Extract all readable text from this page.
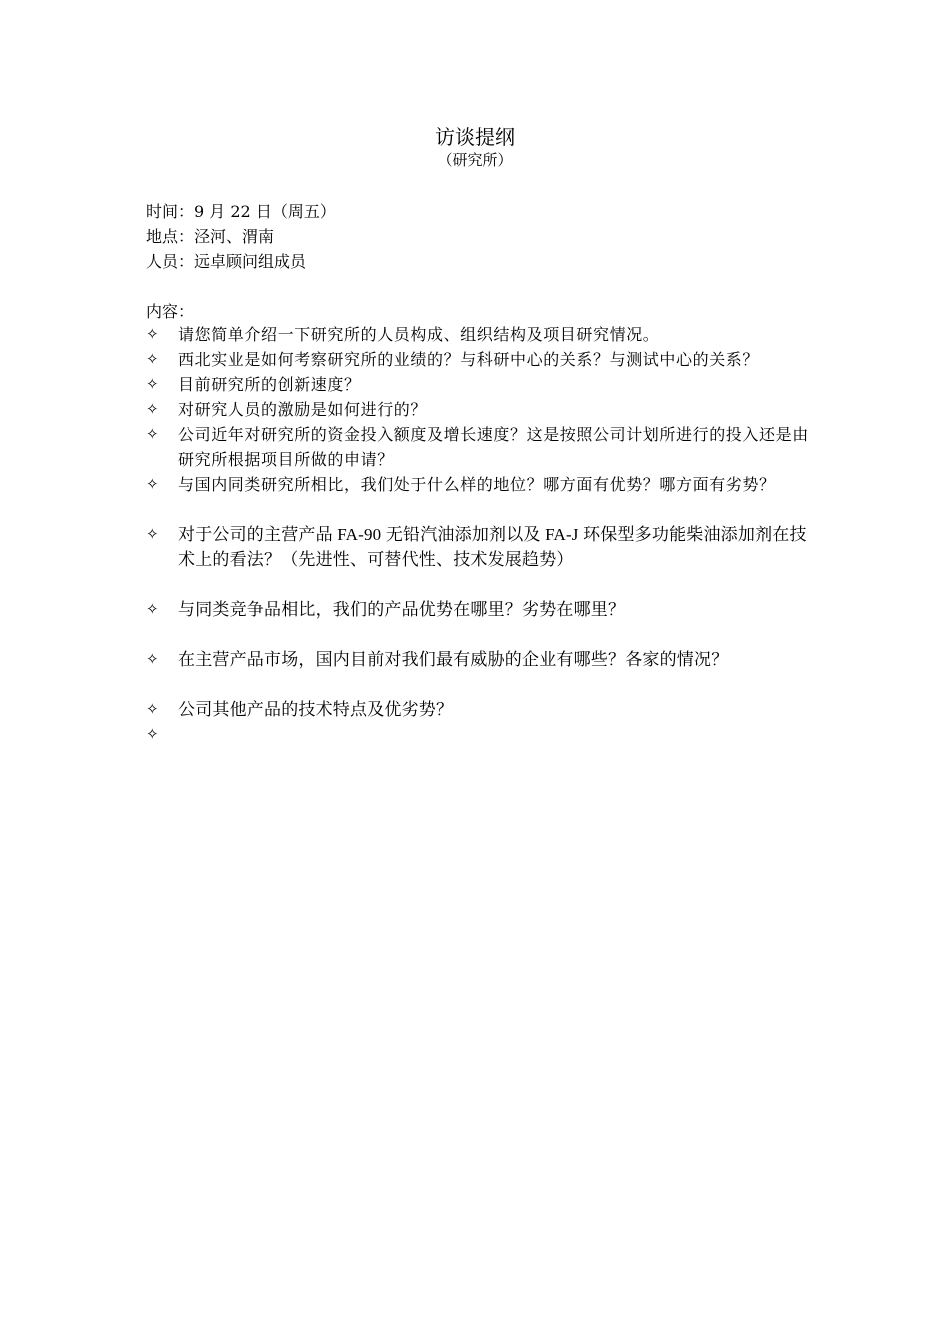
访谈提纲
（研究所）
时间：9 月 22 日（周五）
地点：泾河、渭南
人员：远卓顾问组成员
内容：
✧	请您简单介绍一下研究所的人员构成、组织结构及项目研究情况。
✧	西北实业是如何考察研究所的业绩的？与科研中心的关系？与测试中心的关系？
✧	目前研究所的创新速度？
✧	对研究人员的激励是如何进行的？
✧	公司近年对研究所的资金投入额度及增长速度？这是按照公司计划所进行的投入还是由研究所根据项目所做的申请？
✧	与国内同类研究所相比，我们处于什么样的地位？哪方面有优势？哪方面有劣势？
✧	对于公司的主营产品 FA-90 无铅汽油添加剂以及 FA-J 环保型多功能柴油添加剂在技术上的看法？（先进性、可替代性、技术发展趋势）
✧	与同类竞争品相比，我们的产品优势在哪里？劣势在哪里？
✧	在主营产品市场，国内目前对我们最有威胁的企业有哪些？各家的情况？
✧	公司其他产品的技术特点及优劣势？
✧
